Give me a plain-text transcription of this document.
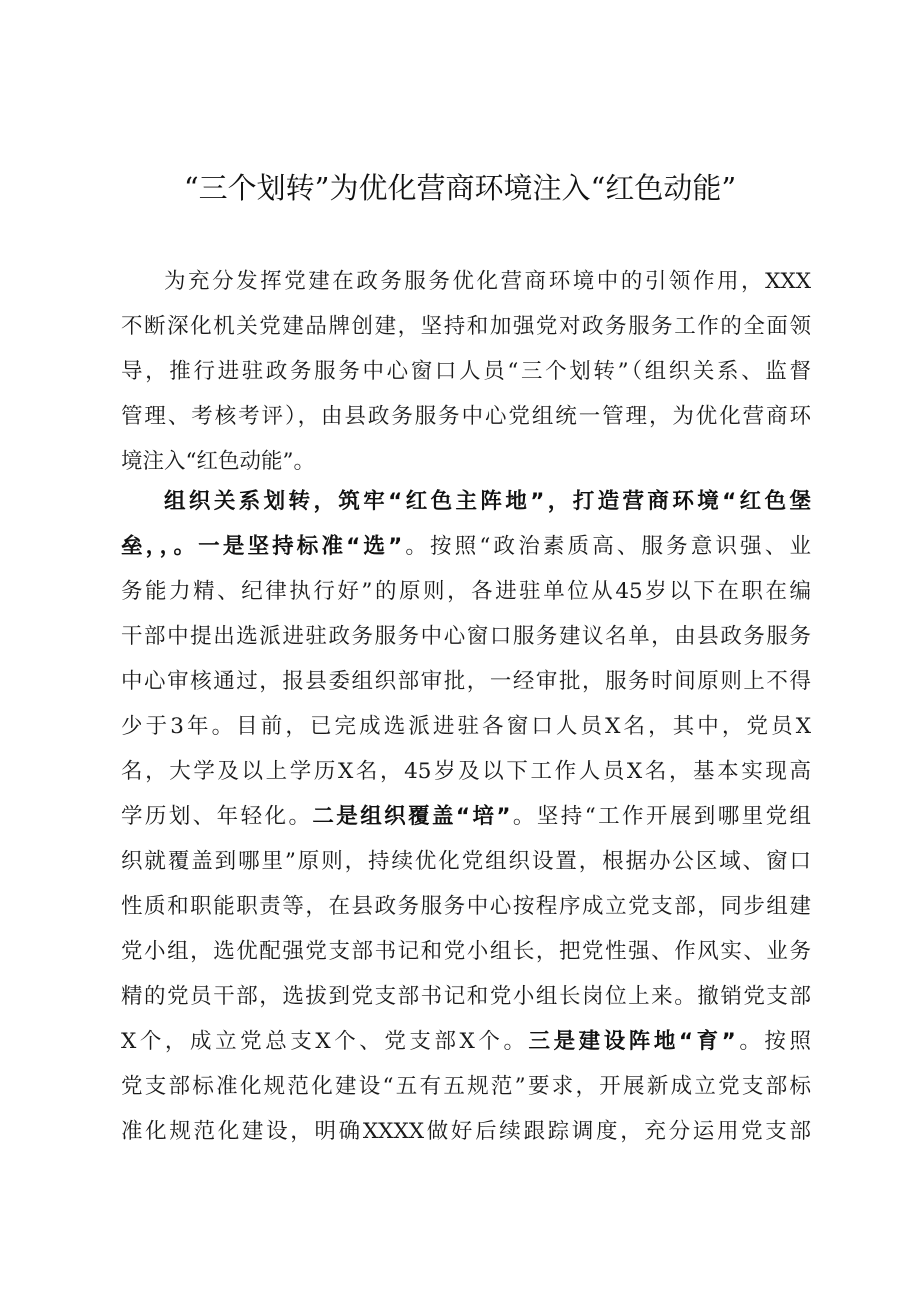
“三个划转”为优化营商环境注入“红色动能”
为充分发挥党建在政务服务优化营商环境中的引领作用，XXX
不断深化机关党建品牌创建，坚持和加强党对政务服务工作的全面领
导，推行进驻政务服务中心窗口人员“三个划转”（组织关系、监督
管理、考核考评），由县政务服务中心党组统一管理，为优化营商环
境注入“红色动能”。
组织关系划转，筑牢“红色主阵地”，打造营商环境“红色堡
垒，，。一是坚持标准“选”。按照“政治素质高、服务意识强、业
务能力精、纪律执行好”的原则，各进驻单位从45岁以下在职在编
干部中提出选派进驻政务服务中心窗口服务建议名单，由县政务服务
中心审核通过，报县委组织部审批，一经审批，服务时间原则上不得
少于3年。目前，已完成选派进驻各窗口人员X名，其中，党员X
名，大学及以上学历X名，45岁及以下工作人员X名，基本实现高
学历划、年轻化。二是组织覆盖“培”。坚持“工作开展到哪里党组
织就覆盖到哪里”原则，持续优化党组织设置，根据办公区域、窗口
性质和职能职责等，在县政务服务中心按程序成立党支部，同步组建
党小组，选优配强党支部书记和党小组长，把党性强、作风实、业务
精的党员干部，选拔到党支部书记和党小组长岗位上来。撤销党支部
X个，成立党总支X个、党支部X个。三是建设阵地“育”。按照
党支部标准化规范化建设“五有五规范”要求，开展新成立党支部标
准化规范化建设，明确XXXX做好后续跟踪调度，充分运用党支部
